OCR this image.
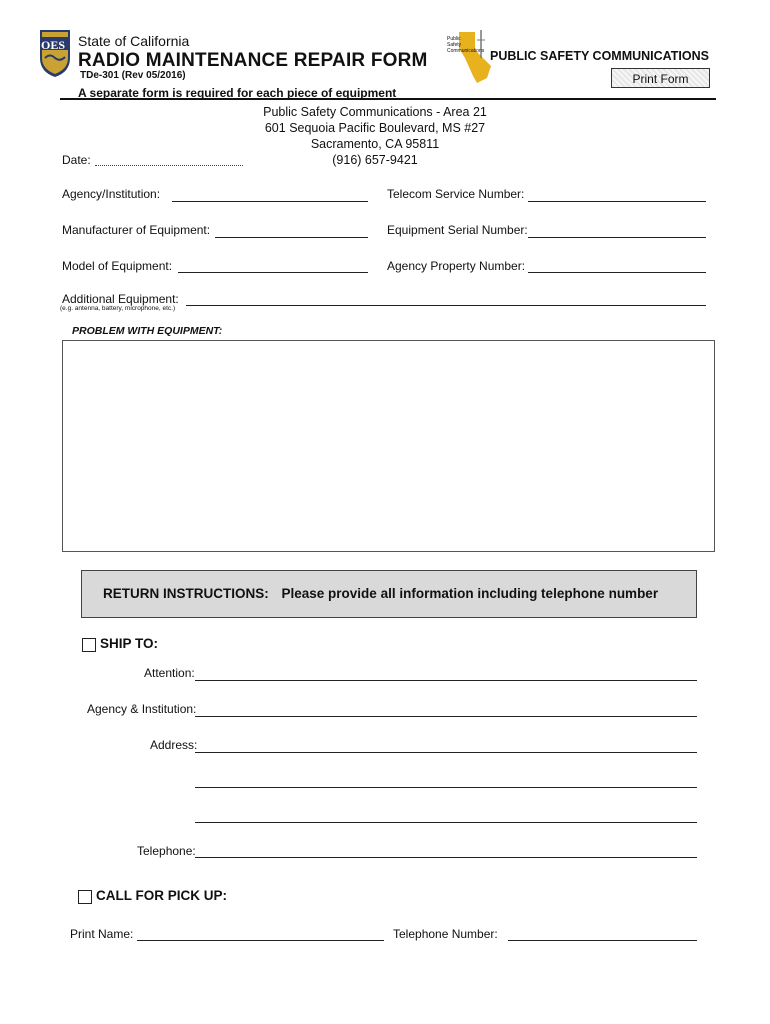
OES State of California
RADIO MAINTENANCE REPAIR FORM
TDe-301 (Rev 05/2016)
A separate form is required for each piece of equipment
Public
Safety
Communications PUBLIC SAFETY COMMUNICATIONS
Print Form
Public Safety Communications - Area 21
601 Sequoia Pacific Boulevard, MS #27
Sacramento, CA 95811
(916) 657-9421
Date:
Agency/Institution:	Telecom Service Number:
Manufacturer of Equipment:	Equipment Serial Number:
Model of Equipment:	Agency Property Number:
Additional Equipment:
(e.g. antenna, battery, microphone, etc.)
PROBLEM WITH EQUIPMENT:
RETURN INSTRUCTIONS: Please provide all information including telephone number
SHIP TO:
Attention:
Agency & Institution:
Address:
Telephone:
CALL FOR PICK UP:
Print Name:	Telephone Number:
